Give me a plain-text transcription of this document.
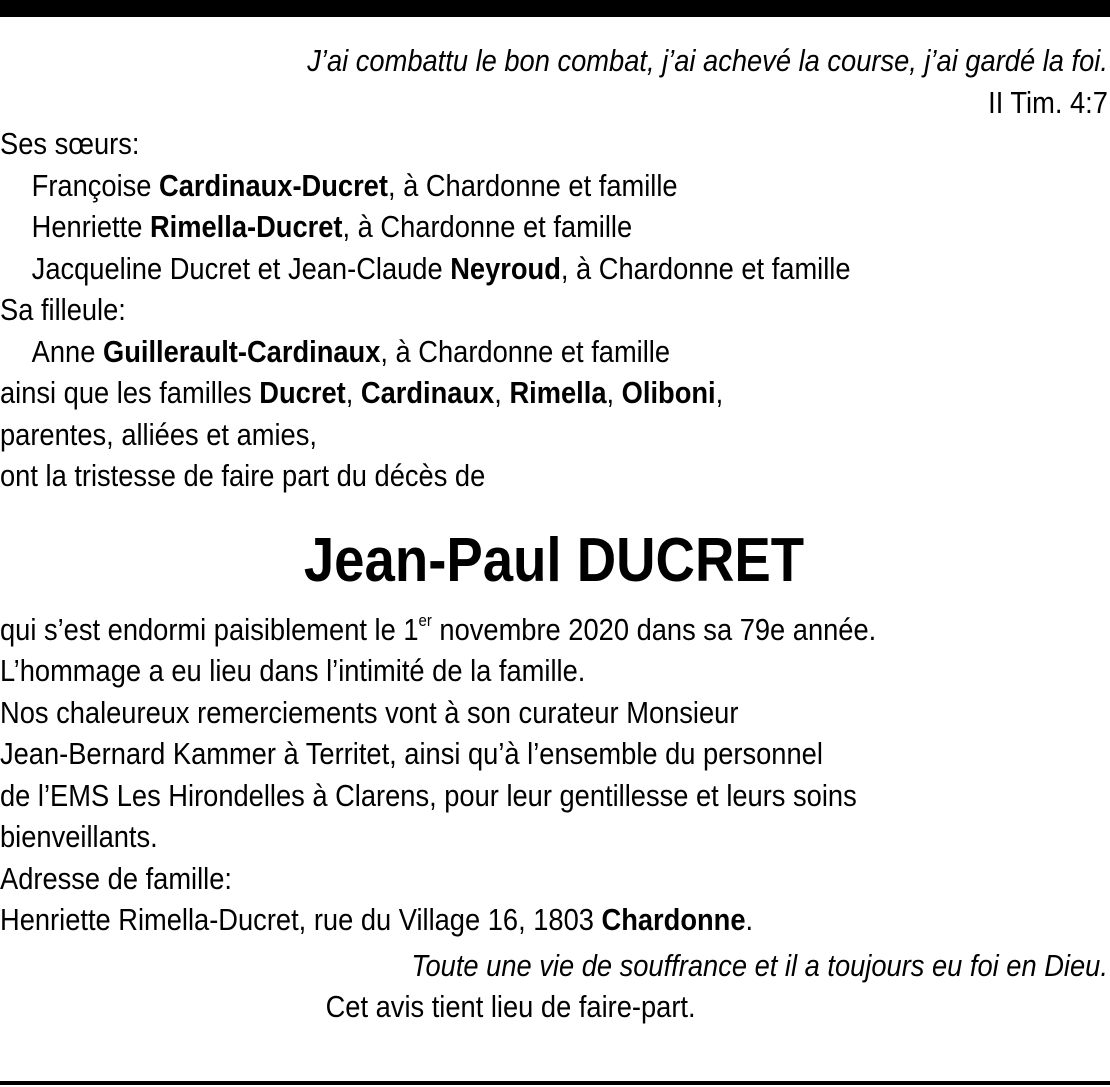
J’ai combattu le bon combat, j’ai achevé la course, j’ai gardé la foi.
II Tim. 4:7
Ses sœurs:
Françoise Cardinaux-Ducret, à Chardonne et famille
Henriette Rimella-Ducret, à Chardonne et famille
Jacqueline Ducret et Jean-Claude Neyroud, à Chardonne et famille
Sa filleule:
Anne Guillerault-Cardinaux, à Chardonne et famille
ainsi que les familles Ducret, Cardinaux, Rimella, Oliboni,
parentes, alliées et amies,
ont la tristesse de faire part du décès de
Jean-Paul DUCRET
qui s’est endormi paisiblement le 1er novembre 2020 dans sa 79e année.
L’hommage a eu lieu dans l’intimité de la famille.
Nos chaleureux remerciements vont à son curateur Monsieur
Jean-Bernard Kammer à Territet, ainsi qu’à l’ensemble du personnel
de l’EMS Les Hirondelles à Clarens, pour leur gentillesse et leurs soins
bienveillants.
Adresse de famille:
Henriette Rimella-Ducret, rue du Village 16, 1803 Chardonne.
Toute une vie de souffrance et il a toujours eu foi en Dieu.
Cet avis tient lieu de faire-part.
